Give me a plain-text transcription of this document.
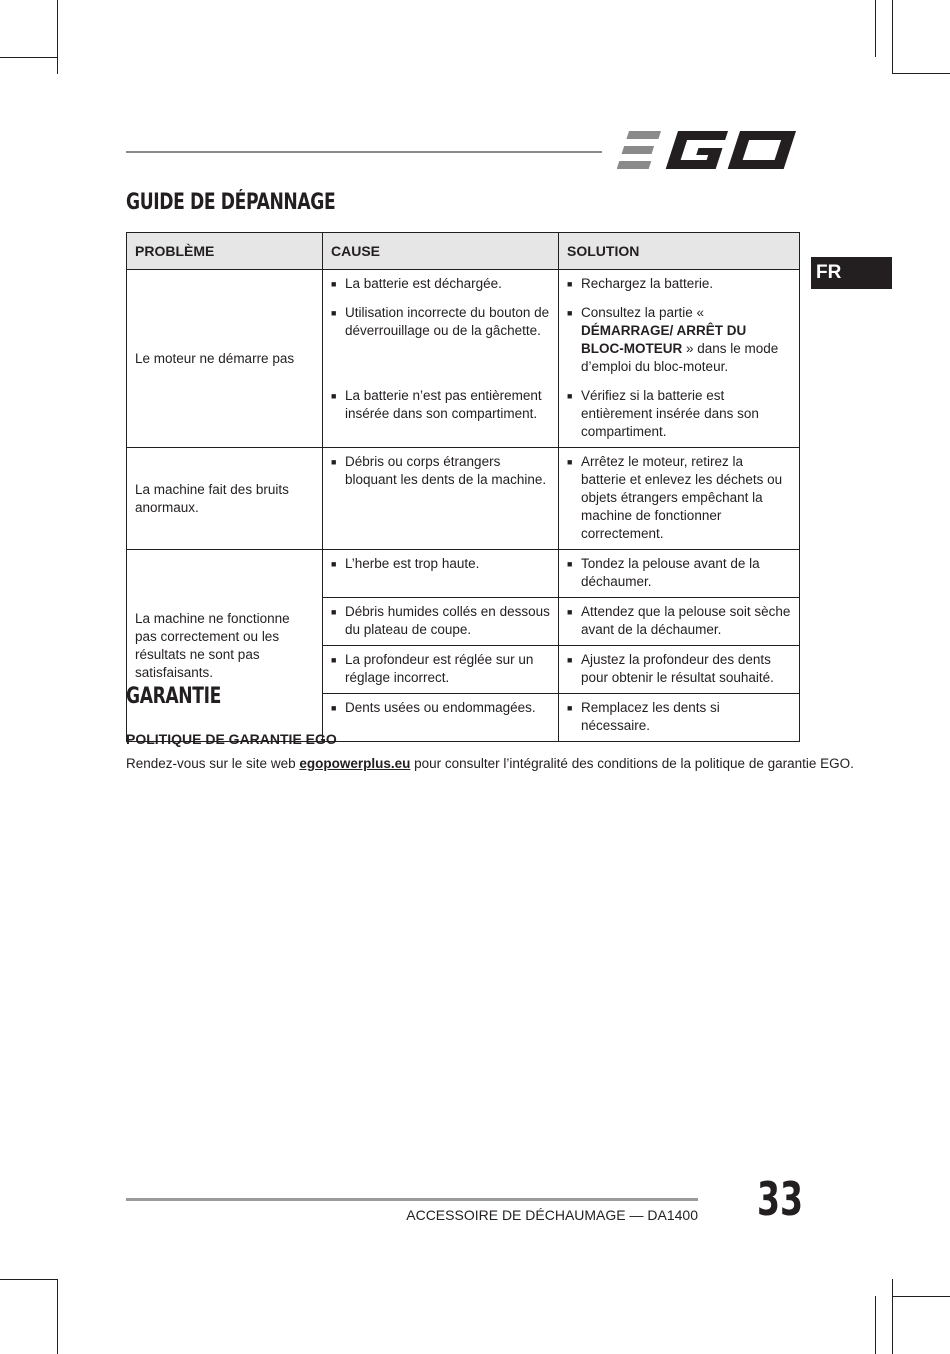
FR
GUIDE DE DÉPANNAGE
PROBLÈME	CAUSE	SOLUTION
Le moteur ne démarre pas	■ La batterie est déchargée.	■ Rechargez la batterie.

	■ Utilisation incorrecte du bouton de déverrouillage ou de la gâchette.	■ Consultez la partie « DÉMARRAGE/ ARRÊT DU BLOC-MOTEUR » dans le mode d’emploi du bloc-moteur.

	■ La batterie n’est pas entièrement insérée dans son compartiment.	■ Vérifiez si la batterie est entièrement insérée dans son compartiment.

La machine fait des bruits anormaux.	■ Débris ou corps étrangers bloquant les dents de la machine.	■ Arrêtez le moteur, retirez la batterie et enlevez les déchets ou objets étrangers empêchant la machine de fonctionner correctement.

La machine ne fonctionne pas correctement ou les résultats ne sont pas satisfaisants.	■ L’herbe est trop haute.	■ Tondez la pelouse avant de la déchaumer.

	■ Débris humides collés en dessous du plateau de coupe.	■ Attendez que la pelouse soit sèche avant de la déchaumer.

	■ La profondeur est réglée sur un réglage incorrect.	■ Ajustez la profondeur des dents pour obtenir le résultat souhaité.

	■ Dents usées ou endommagées.	■ Remplacez les dents si nécessaire.
GARANTIE
POLITIQUE DE GARANTIE EGO

Rendez-vous sur le site web egopowerplus.eu pour consulter l’intégralité des conditions de la politique de garantie EGO.

ACCESSOIRE DE DÉCHAUMAGE — DA1400 33
